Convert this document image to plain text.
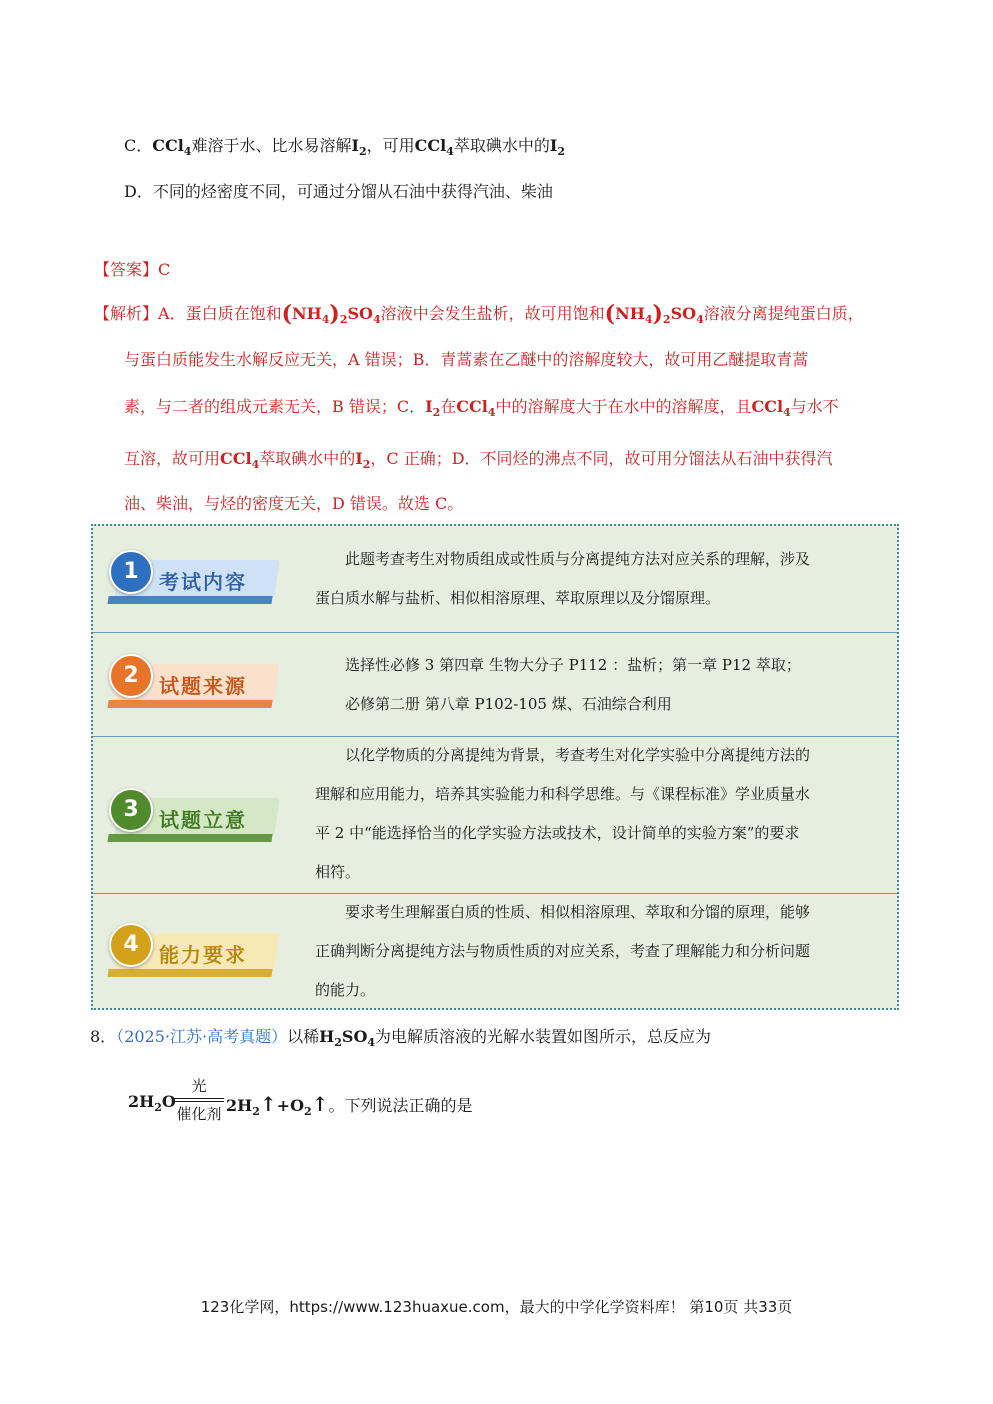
C．CCl$_4$难溶于水、比水易溶解$I_2$，可用CCl$_4$萃取碘水中的$I_2$
D．不同的烃密度不同，可通过分馏从石油中获得汽油、柴油
【答案】C
【解析】A．蛋白质在饱和$(NH_4)_2SO_4$溶液中会发生盐析，故可用饱和$(NH_4)_2SO_4$溶液分离提纯蛋白质，
与蛋白质能发生水解反应无关，A 错误；B．青蒿素在乙醚中的溶解度较大，故可用乙醚提取青蒿
素，与二者的组成元素无关，B 错误；C．$I_2$在CCl$_4$中的溶解度大于在水中的溶解度，且CCl$_4$与水不
互溶，故可用CCl$_4$萃取碘水中的$I_2$，C 正确；D．不同烃的沸点不同，故可用分馏法从石油中获得汽
油、柴油，与烃的密度无关，D 错误。故选 C。
1	考试内容
此题考查考生对物质组成或性质与分离提纯方法对应关系的理解，涉及
蛋白质水解与盐析、相似相溶原理、萃取原理以及分馏原理。
2	试题来源
选择性必修 3 第四章 生物大分子 P112 ：盐析；第一章 P12 萃取；
必修第二册 第八章 P102-105 煤、石油综合利用
3	试题立意
以化学物质的分离提纯为背景，考查考生对化学实验中分离提纯方法的
理解和应用能力，培养其实验能力和科学思维。与《课程标准》学业质量水
平 2 中“能选择恰当的化学实验方法或技术，设计简单的实验方案”的要求
相符。
4	能力要求
要求考生理解蛋白质的性质、相似相溶原理、萃取和分馏的原理，能够
正确判断分离提纯方法与物质性质的对应关系，考查了理解能力和分析问题
的能力。
8．（2025·江苏·高考真题）以稀$H_2SO_4$为电解质溶液的光解水装置如图所示，总反应为
$2H_2O$
光
催化剂 $2H_2↑+O_2↑$。下列说法正确的是
123化学网，https://www.123huaxue.com，最大的中学化学资料库！ 第10页 共33页
